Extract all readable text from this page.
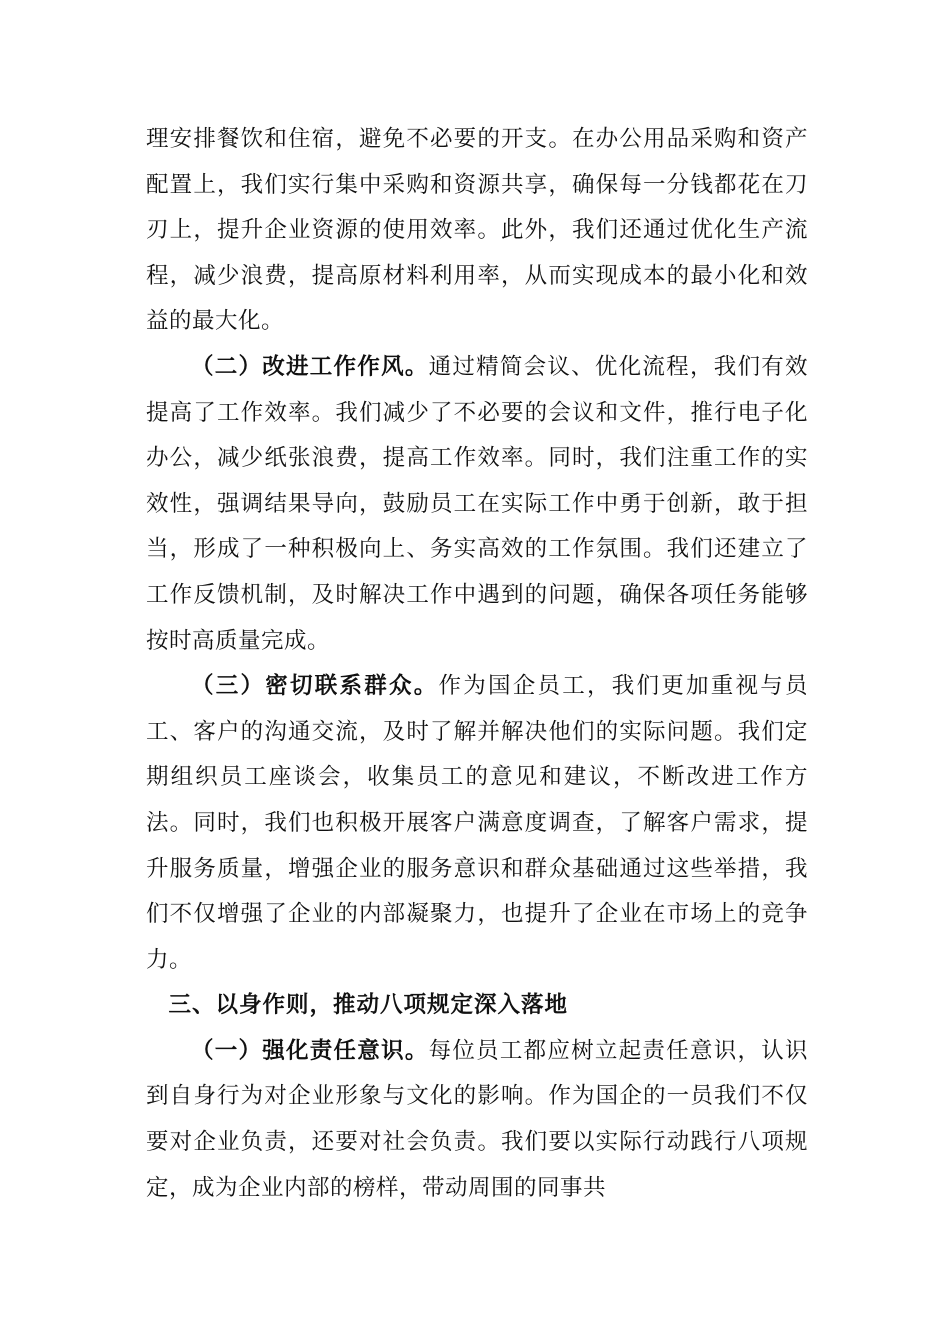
理安排餐饮和住宿，避免不必要的开支。在办公用品采购和资产配置上，我们实行集中采购和资源共享，确保每一分钱都花在刀刃上，提升企业资源的使用效率。此外，我们还通过优化生产流程，减少浪费，提高原材料利用率，从而实现成本的最小化和效益的最大化。

（二）改进工作作风。通过精简会议、优化流程，我们有效提高了工作效率。我们减少了不必要的会议和文件，推行电子化办公，减少纸张浪费，提高工作效率。同时，我们注重工作的实效性，强调结果导向，鼓励员工在实际工作中勇于创新，敢于担当，形成了一种积极向上、务实高效的工作氛围。我们还建立了工作反馈机制，及时解决工作中遇到的问题，确保各项任务能够按时高质量完成。

（三）密切联系群众。作为国企员工，我们更加重视与员工、客户的沟通交流，及时了解并解决他们的实际问题。我们定期组织员工座谈会，收集员工的意见和建议，不断改进工作方法。同时，我们也积极开展客户满意度调查，了解客户需求，提升服务质量，增强企业的服务意识和群众基础通过这些举措，我们不仅增强了企业的内部凝聚力，也提升了企业在市场上的竞争力。

三、以身作则，推动八项规定深入落地

（一）强化责任意识。每位员工都应树立起责任意识，认识到自身行为对企业形象与文化的影响。作为国企的一员我们不仅要对企业负责，还要对社会负责。我们要以实际行动践行八项规定，成为企业内部的榜样，带动周围的同事共
